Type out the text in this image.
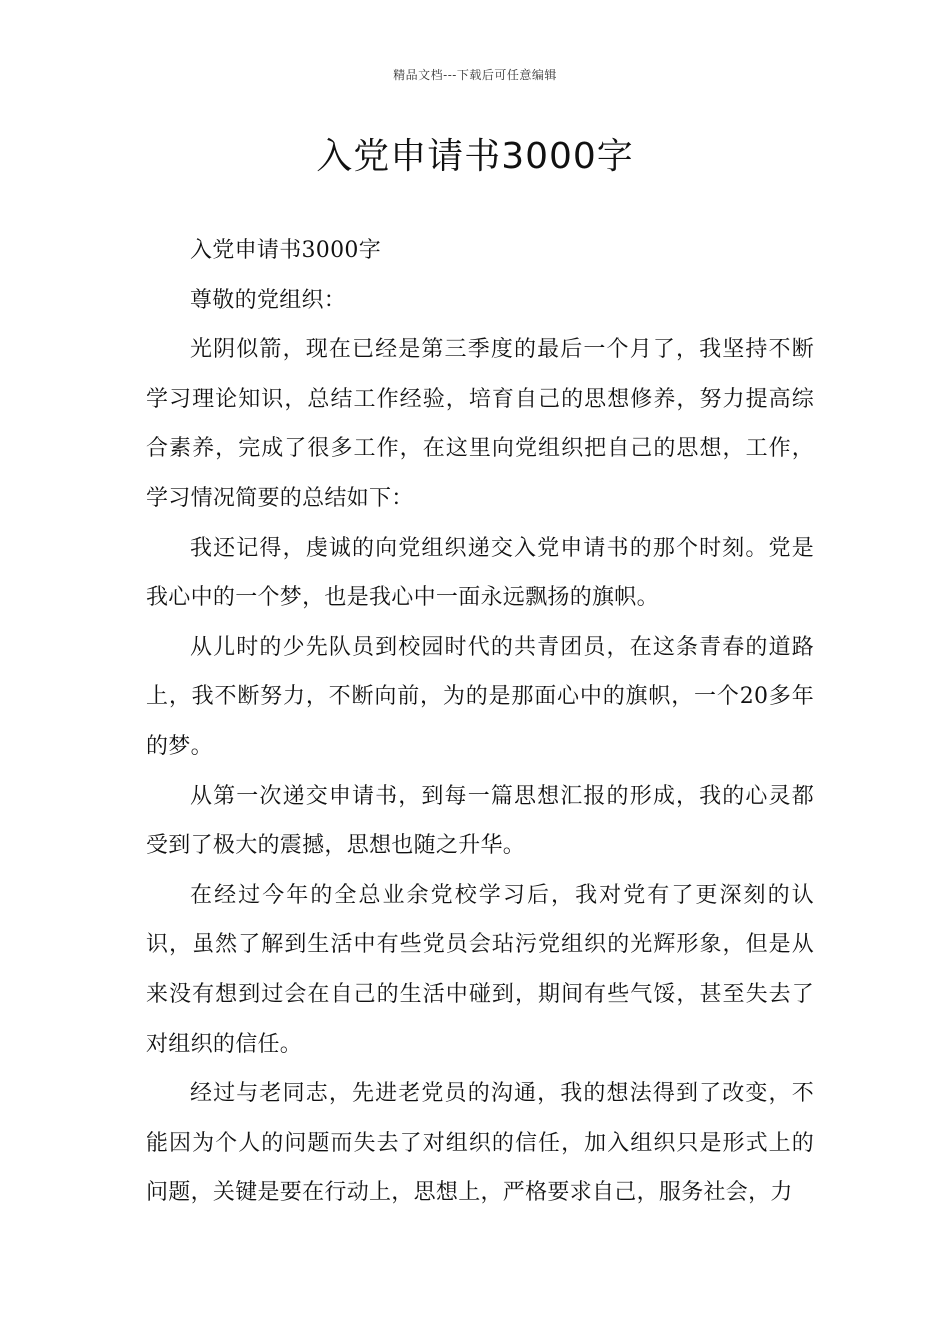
精品文档---下载后可任意编辑
入党申请书3000字

入党申请书3000字

尊敬的党组织：

光阴似箭，现在已经是第三季度的最后一个月了，我坚持不断学习理论知识，总结工作经验，培育自己的思想修养，努力提高综合素养，完成了很多工作，在这里向党组织把自己的思想，工作，学习情况简要的总结如下：

我还记得，虔诚的向党组织递交入党申请书的那个时刻。党是我心中的一个梦，也是我心中一面永远飘扬的旗帜。

从儿时的少先队员到校园时代的共青团员，在这条青春的道路上，我不断努力，不断向前，为的是那面心中的旗帜，一个20多年的梦。

从第一次递交申请书，到每一篇思想汇报的形成，我的心灵都受到了极大的震撼，思想也随之升华。

在经过今年的全总业余党校学习后，我对党有了更深刻的认识，虽然了解到生活中有些党员会玷污党组织的光辉形象，但是从来没有想到过会在自己的生活中碰到，期间有些气馁，甚至失去了对组织的信任。

经过与老同志，先进老党员的沟通，我的想法得到了改变，不能因为个人的问题而失去了对组织的信任，加入组织只是形式上的问题，关键是要在行动上，思想上，严格要求自己，服务社会，力
